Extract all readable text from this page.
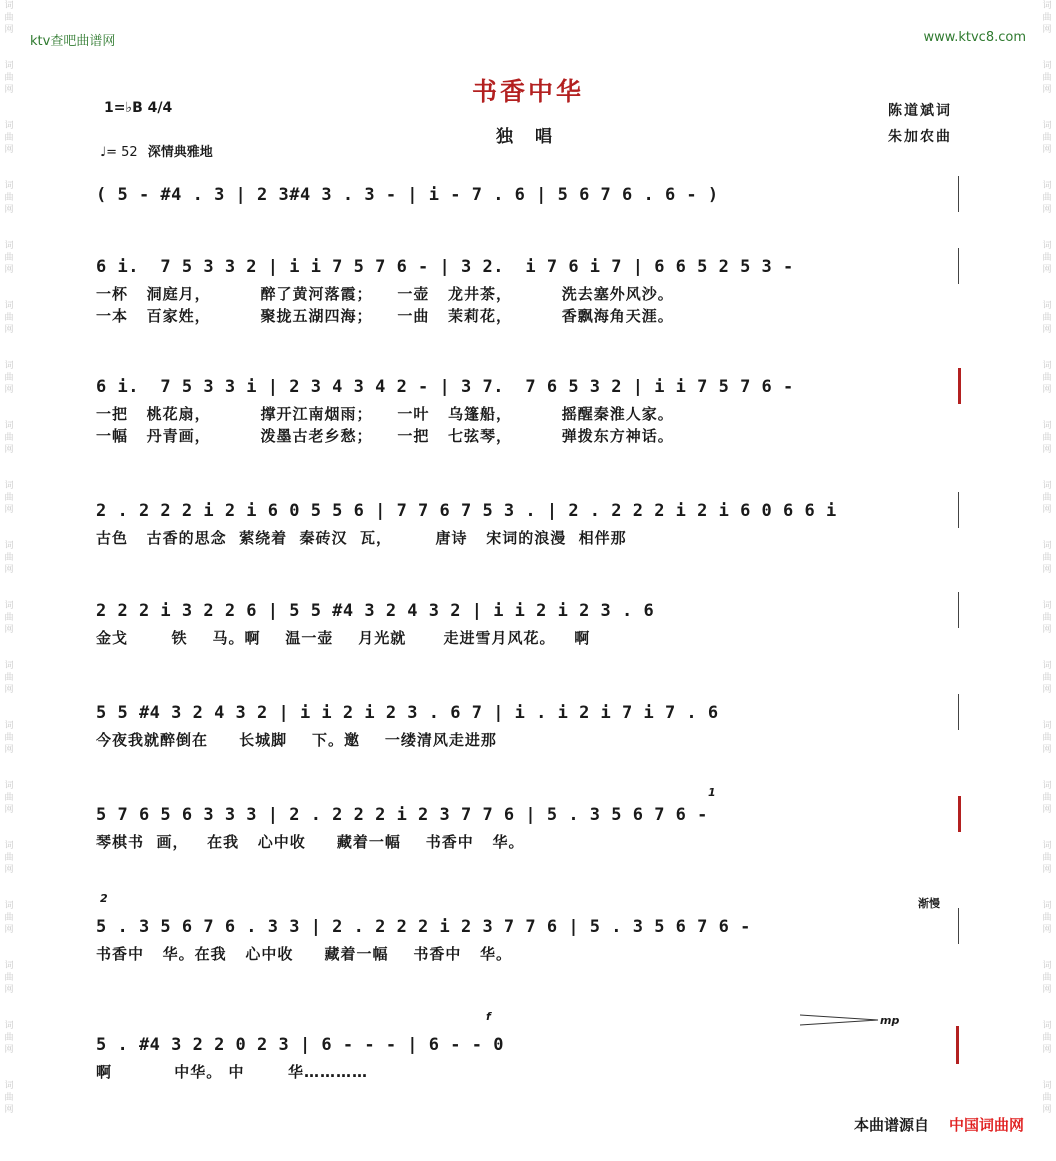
词曲网
词曲网
词曲网
词曲网
词曲网
词曲网
词曲网
词曲网
词曲网
词曲网
词曲网
词曲网
词曲网
词曲网
词曲网
词曲网
词曲网
词曲网
词曲网
词曲网
词曲网
词曲网
词曲网
词曲网
词曲网
词曲网
词曲网
词曲网
词曲网
词曲网
词曲网
词曲网
词曲网
词曲网
词曲网
词曲网
词曲网
词曲网
ktv查吧曲谱网	www.ktvc8.com
书香中华
独 唱
1=♭B 4/4
♩= 52 深情典雅地
陈道斌词
朱加农曲
( 5 - #4 . 3 | 2 3#4 3 . 3 - | i - 7 . 6 | 5 6 7 6 . 6 - )
6 i.  7 5 3 3 2 | i i 7 5 7 6 - | 3 2.  i 7 6 i 7 | 6 6 5 2 5 3 -
一杯   洞庭月，        醉了黄河落霞；    一壶   龙井茶，        洗去塞外风沙。
一本   百家姓，        聚拢五湖四海；    一曲   茉莉花，        香飘海角天涯。
6 i.  7 5 3 3 i | 2 3 4 3 4 2 - | 3 7.  7 6 5 3 2 | i i 7 5 7 6 -
一把   桃花扇，        撑开江南烟雨；    一叶   乌篷船，        摇醒秦淮人家。
一幅   丹青画，        泼墨古老乡愁；    一把   七弦琴，        弹拨东方神话。
2 . 2 2 2 i 2 i 6 0 5 5 6 | 7 7 6 7 5 3 . | 2 . 2 2 2 i 2 i 6 0 6 6 i
古色   古香的思念  萦绕着  秦砖汉  瓦，       唐诗   宋词的浪漫  相伴那
2 2 2 i 3 2 2 6 | 5 5 #4 3 2 4 3 2 | i i 2 i 2 3 . 6
金戈       铁    马。啊    温一壶    月光就      走进雪月风花。   啊
5 5 #4 3 2 4 3 2 | i i 2 i 2 3 . 6 7 | i . i 2 i 7 i 7 . 6
今夜我就醉倒在     长城脚    下。邀    一缕清风走进那
5 7 6 5 6 3 3 3 | 2 . 2 2 2 i 2 3 7 7 6 | 5 . 3 5 6 7 6 -
琴棋书  画，   在我   心中收     藏着一幅    书香中   华。
5 . 3 5 6 7 6 . 3 3 | 2 . 2 2 2 i 2 3 7 7 6 | 5 . 3 5 6 7 6 -
书香中   华。在我   心中收     藏着一幅    书香中   华。
5 . #4 3 2 2 0 2 3 | 6 - - - | 6 - - 0
啊          中华。 中       华…………
1
2	渐慢
f	mp
本曲谱源自 中国词曲网
